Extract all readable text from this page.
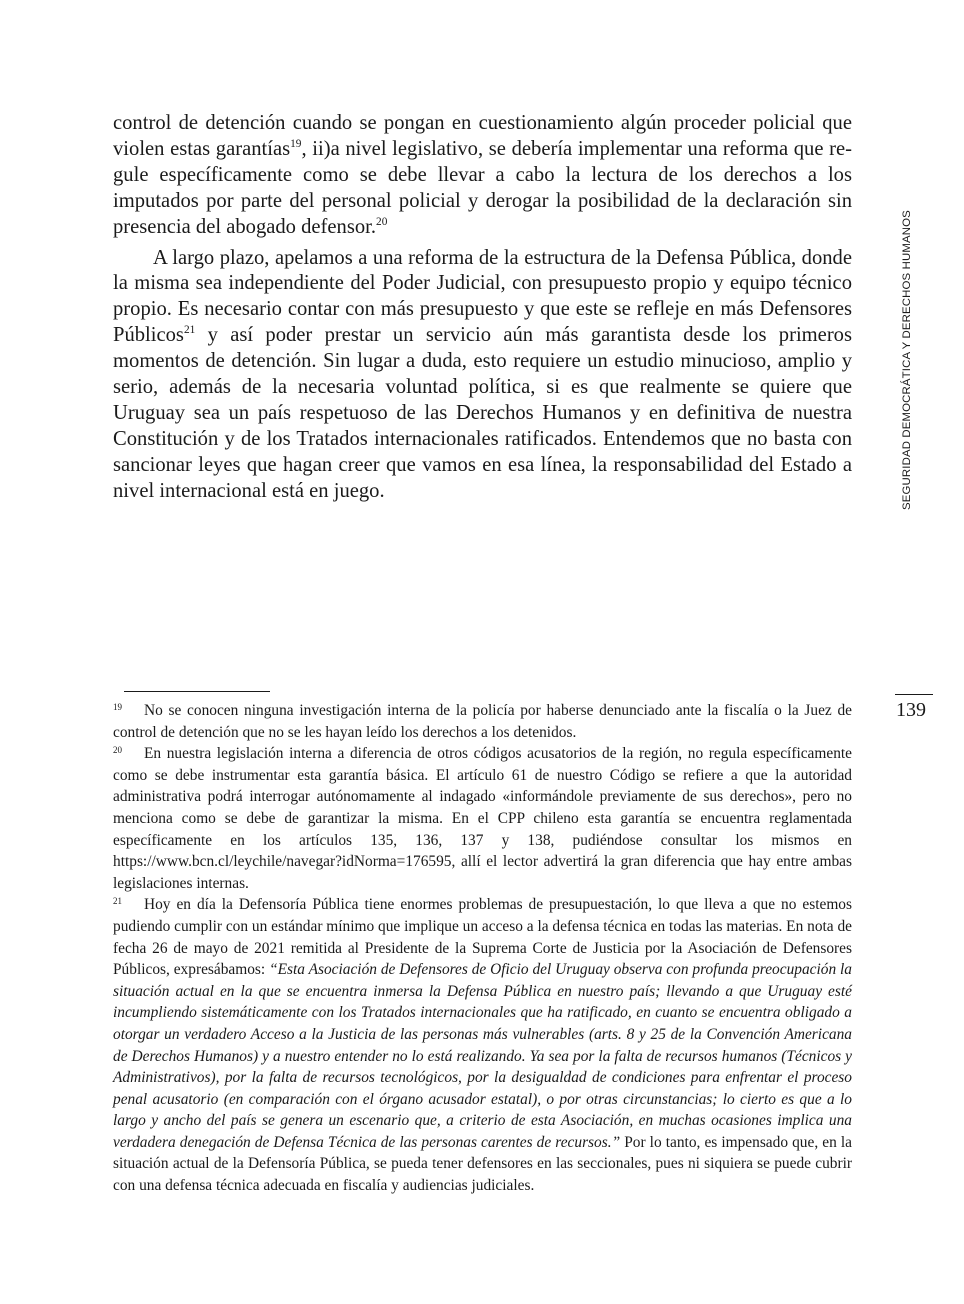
control de detención cuando se pongan en cuestionamiento algún proceder policial que violen estas garantías$^{19}$, ii)a nivel legislativo, se debería implementar una reforma que regule específicamente como se debe llevar a cabo la lectura de los derechos a los imputados por parte del personal policial y derogar la posibilidad de la declaración sin presencia del abogado defensor.$^{20}$

A largo plazo, apelamos a una reforma de la estructura de la Defensa Pública, donde la misma sea independiente del Poder Judicial, con presupuesto propio y equipo técnico propio. Es necesario contar con más presupuesto y que este se refleje en más Defensores Públicos$^{21}$ y así poder prestar un servicio aún más garantista desde los primeros momentos de detención. Sin lugar a duda, esto requiere un estudio minucioso, amplio y serio, además de la necesaria voluntad política, si es que realmente se quiere que Uruguay sea un país respetuoso de las Derechos Humanos y en definitiva de nuestra Constitución y de los Tratados internacionales ratificados. Entendemos que no basta con sancionar leyes que hagan creer que vamos en esa línea, la responsabilidad del Estado a nivel internacional está en juego.	SEGURIDAD DEMOCRÁTICA Y DERECHOS HUMANOS
139

19 No se conocen ninguna investigación interna de la policía por haberse denunciado ante la fiscalía o la Juez de control de detención que no se les hayan leído los derechos a los detenidos.

20 En nuestra legislación interna a diferencia de otros códigos acusatorios de la región, no regula específicamente como se debe instrumentar esta garantía básica. El artículo 61 de nuestro Código se refiere a que la autoridad administrativa podrá interrogar autónomamente al indagado «informándole previamente de sus derechos», pero no menciona como se debe de garantizar la misma. En el CPP chileno esta garantía se encuentra reglamentada específicamente en los artículos 135, 136, 137 y 138, pudiéndose consultar los mismos en https://www.bcn.cl/leychile/navegar?idNorma=176595, allí el lector advertirá la gran diferencia que hay entre ambas legislaciones internas.

21 Hoy en día la Defensoría Pública tiene enormes problemas de presupuestación, lo que lleva a que no estemos pudiendo cumplir con un estándar mínimo que implique un acceso a la defensa técnica en todas las materias. En nota de fecha 26 de mayo de 2021 remitida al Presidente de la Suprema Corte de Justicia por la Asociación de Defensores Públicos, expresábamos: “Esta Asociación de Defensores de Oficio del Uruguay observa con profunda preocupación la situación actual en la que se encuentra inmersa la Defensa Pública en nuestro país; llevando a que Uruguay esté incumpliendo sistemáticamente con los Tratados internacionales que ha ratificado, en cuanto se encuentra obligado a otorgar un verdadero Acceso a la Justicia de las personas más vulnerables (arts. 8 y 25 de la Convención Americana de Derechos Humanos) y a nuestro entender no lo está realizando. Ya sea por la falta de recursos humanos (Técnicos y Administrativos), por la falta de recursos tecnológicos, por la desigualdad de condiciones para enfrentar el proceso penal acusatorio (en comparación con el órgano acusador estatal), o por otras circunstancias; lo cierto es que a lo largo y ancho del país se genera un escenario que, a criterio de esta Asociación, en muchas ocasiones implica una verdadera denegación de Defensa Técnica de las personas carentes de recursos.” Por lo tanto, es impensado que, en la situación actual de la Defensoría Pública, se pueda tener defensores en las seccionales, pues ni siquiera se puede cubrir con una defensa técnica adecuada en fiscalía y audiencias judiciales.
